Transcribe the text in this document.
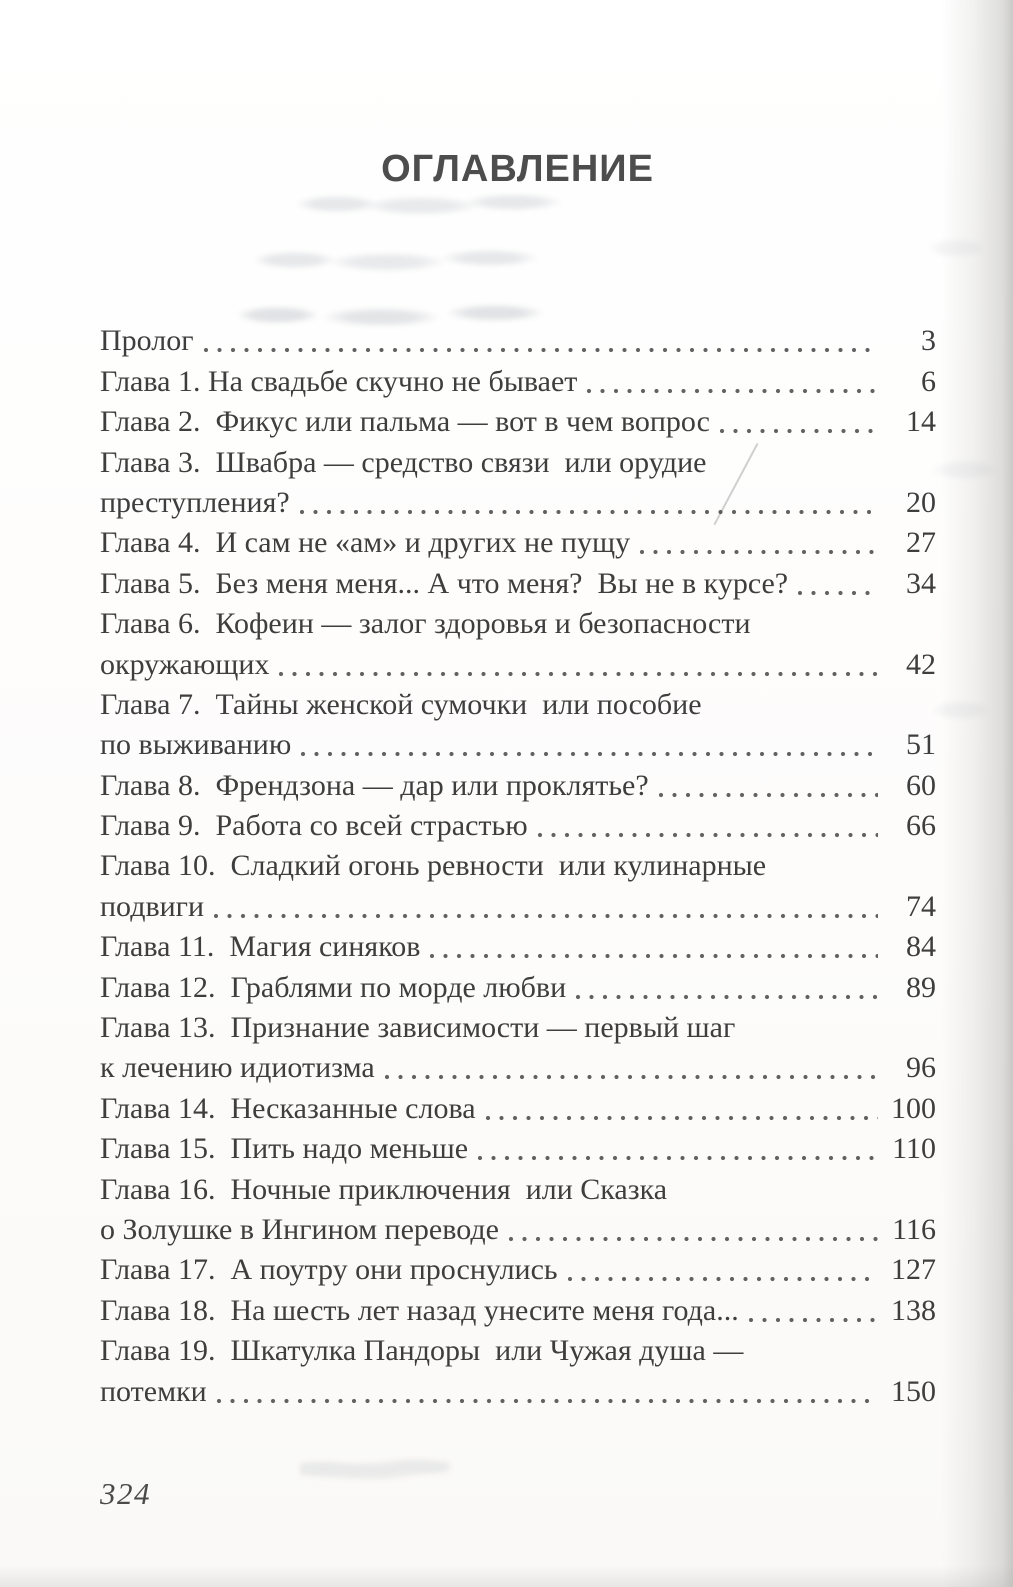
ОГЛАВЛЕНИЕ
Пролог	3
Глава 1. На свадьбе скучно не бывает	6
Глава 2.  Фикус или пальма — вот в чем вопрос	14
Глава 3.  Швабра — средство связи  или орудие
преступления?	20
Глава 4.  И сам не «ам» и других не пущу	27
Глава 5.  Без меня меня... А что меня?  Вы не в курсе?	34
Глава 6.  Кофеин — залог здоровья и безопасности
окружающих	42
Глава 7.  Тайны женской сумочки  или пособие
по выживанию	51
Глава 8.  Френдзона — дар или проклятье?	60
Глава 9.  Работа со всей страстью	66
Глава 10.  Сладкий огонь ревности  или кулинарные
подвиги	74
Глава 11.  Магия синяков	84
Глава 12.  Граблями по морде любви	89
Глава 13.  Признание зависимости — первый шаг
к лечению идиотизма	96
Глава 14.  Несказанные слова	100
Глава 15.  Пить надо меньше	110
Глава 16.  Ночные приключения  или Сказка
о Золушке в Ингином переводе	116
Глава 17.  А поутру они проснулись	127
Глава 18.  На шесть лет назад унесите меня года...	138
Глава 19.  Шкатулка Пандоры  или Чужая душа —
потемки	150
324
